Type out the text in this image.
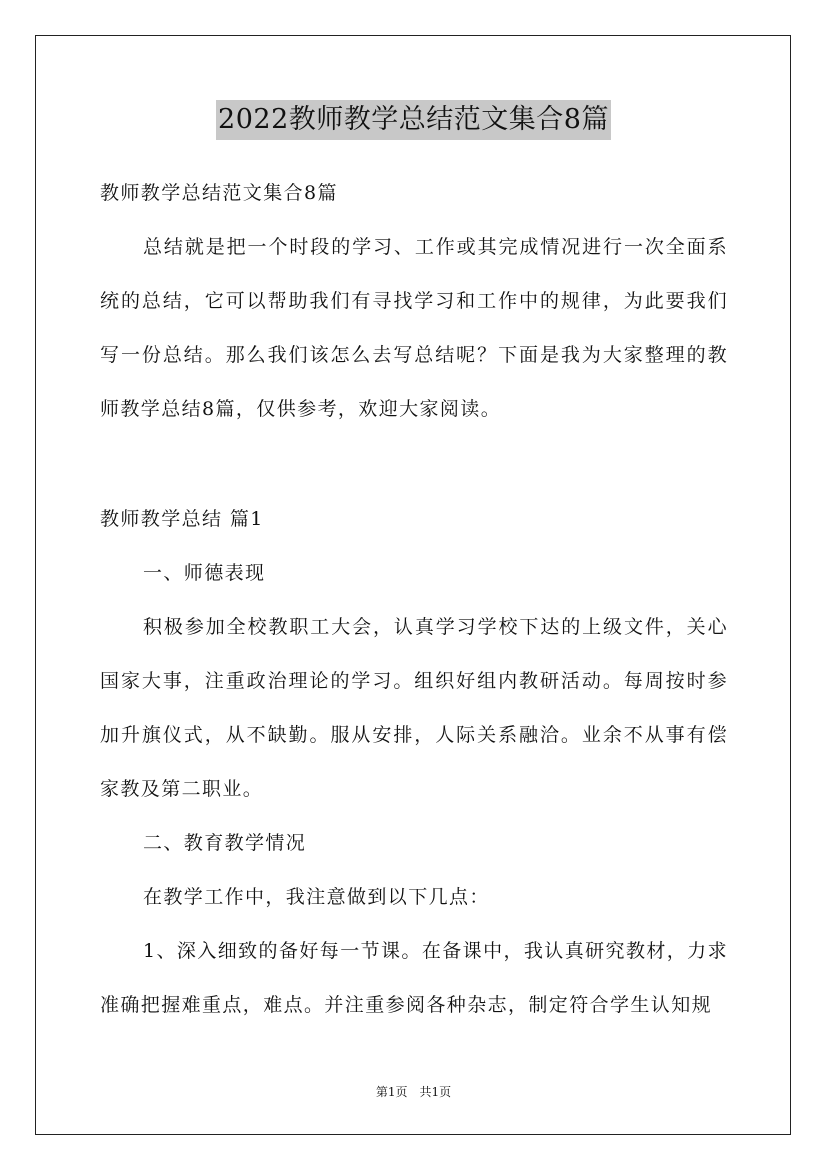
2022教师教学总结范文集合8篇

教师教学总结范文集合8篇

总结就是把一个时段的学习、工作或其完成情况进行一次全面系统的总结，它可以帮助我们有寻找学习和工作中的规律，为此要我们写一份总结。那么我们该怎么去写总结呢？下面是我为大家整理的教师教学总结8篇，仅供参考，欢迎大家阅读。

教师教学总结 篇1

一、师德表现

积极参加全校教职工大会，认真学习学校下达的上级文件，关心国家大事，注重政治理论的学习。组织好组内教研活动。每周按时参加升旗仪式，从不缺勤。服从安排，人际关系融洽。业余不从事有偿家教及第二职业。

二、教育教学情况

在教学工作中，我注意做到以下几点：

1、深入细致的备好每一节课。在备课中，我认真研究教材，力求准确把握难重点，难点。并注重参阅各种杂志，制定符合学生认知规

第1页 共1页
